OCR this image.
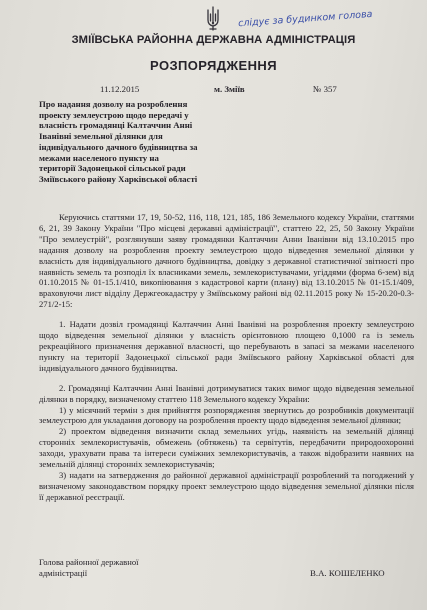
слідує за будинком голова
ЗМІЇВСЬКА РАЙОННА ДЕРЖАВНА АДМІНІСТРАЦІЯ
РОЗПОРЯДЖЕННЯ
11.12.2015	м. Зміїв	№ 357
Про надання дозволу на розроблення
проекту землеустрою щодо передачі у
власність громадянці Калтаччин Анні
Іванівні земельної ділянки для
індивідуального дачного будівництва за
межами населеного пункту на
території Задонецької сільської ради
Зміївського району Харківської області

Керуючись статтями 17, 19, 50-52, 116, 118, 121, 185, 186 Земельного кодексу України, статтями 6, 21, 39 Закону України "Про місцеві державні адміністрації", статтею 22, 25, 50 Закону України "Про землеустрій", розглянувши заяву громадянки Калтаччин Анни Іванівни від 13.10.2015 про надання дозволу на розроблення проекту землеустрою щодо відведення земельної ділянки у власність для індивідуального дачного будівництва, довідку з державної статистичної звітності про наявність земель та розподіл їх власниками земель, землекористувачами, угіддями (форма 6-зем) від 01.10.2015 № 01-15.1/410, викопіювання з кадастрової карти (плану) від 13.10.2015 № 01-15.1/409, враховуючи лист відділу Держгеокадастру у Зміївському районі від 02.11.2015 року № 15-20.20-0.3-271/2-15:

1. Надати дозвіл громадянці Калтаччин Анні Іванівні на розроблення проекту землеустрою щодо відведення земельної ділянки у власність орієнтовною площею 0,1000 га із земель рекреаційного призначення державної власності, що перебувають в запасі за межами населеного пункту на території Задонецької сільської ради Зміївського району Харківської області для індивідуального дачного будівництва.

2. Громадянці Калтаччин Анні Іванівні дотримуватися таких вимог щодо відведення земельної ділянки в порядку, визначеному статтею 118 Земельного кодексу України:

1) у місячний термін з дня прийняття розпорядження звернутись до розробників документації землеустрою для укладання договору на розроблення проекту щодо відведення земельної ділянки;

2) проектом відведення визначити склад земельних угідь, наявність на земельній ділянці сторонніх землекористувачів, обмежень (обтяжень) та сервітутів, передбачити природоохоронні заходи, урахувати права та інтереси суміжних землекористувачів, а також відобразити наявних на земельній ділянці сторонніх землекористувачів;

3) надати на затвердження до районної державної адміністрації розроблений та погоджений у визначеному законодавством порядку проект землеустрою щодо відведення земельної ділянки після її державної реєстрації.

Голова районної державної адміністрації	В.А. КОШЕЛЕНКО
